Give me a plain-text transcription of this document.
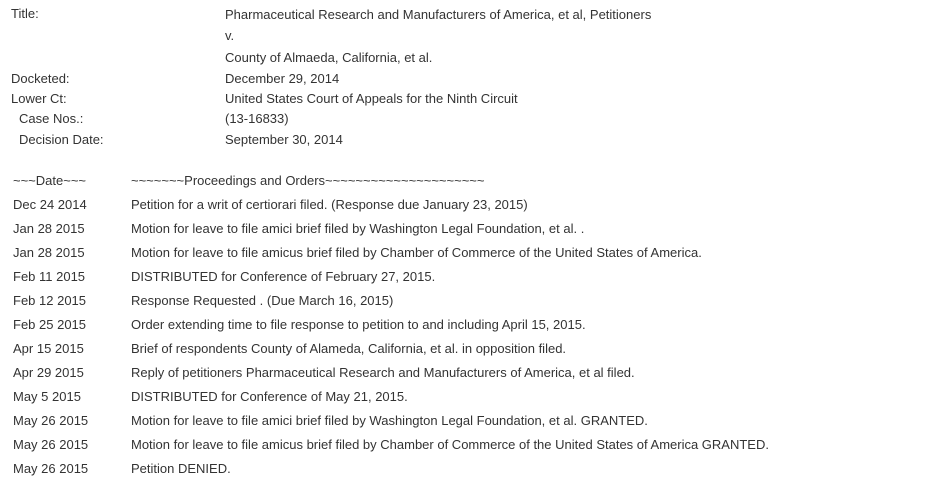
Title:	Pharmaceutical Research and Manufacturers of America, et al, Petitioners
v.
County of Almaeda, California, et al.
Docketed:	December 29, 2014
Lower Ct:	United States Court of Appeals for the Ninth Circuit
Case Nos.:	(13-16833)
Decision Date:	September 30, 2014
~~~Date~~~	~~~~~~~Proceedings and Orders~~~~~~~~~~~~~~~~~~~~~
Dec 24 2014	Petition for a writ of certiorari filed. (Response due January 23, 2015)
Jan 28 2015	Motion for leave to file amici brief filed by Washington Legal Foundation, et al. .
Jan 28 2015	Motion for leave to file amicus brief filed by Chamber of Commerce of the United States of America.
Feb 11 2015	DISTRIBUTED for Conference of February 27, 2015.
Feb 12 2015	Response Requested . (Due March 16, 2015)
Feb 25 2015	Order extending time to file response to petition to and including April 15, 2015.
Apr 15 2015	Brief of respondents County of Alameda, California, et al. in opposition filed.
Apr 29 2015	Reply of petitioners Pharmaceutical Research and Manufacturers of America, et al filed.
May 5 2015	DISTRIBUTED for Conference of May 21, 2015.
May 26 2015	Motion for leave to file amici brief filed by Washington Legal Foundation, et al. GRANTED.
May 26 2015	Motion for leave to file amicus brief filed by Chamber of Commerce of the United States of America GRANTED.
May 26 2015	Petition DENIED.
